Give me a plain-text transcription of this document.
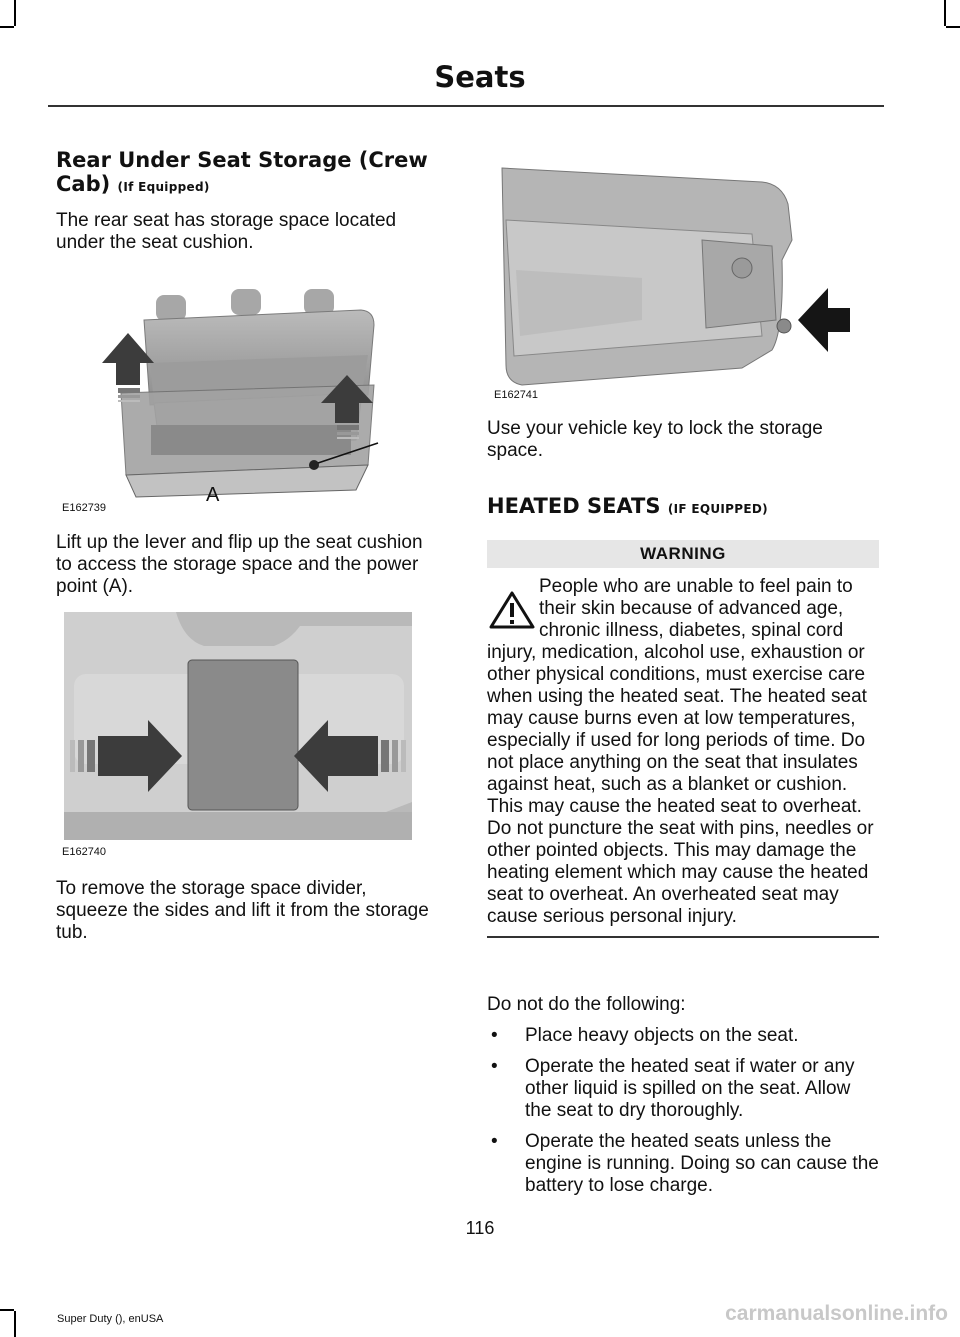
Seats
Rear Under Seat Storage (Crew Cab) (If Equipped)

The rear seat has storage space located under the seat cushion.

E162739
A

Lift up the lever and flip up the seat cushion to access the storage space and the power point (A).

E162740

To remove the storage space divider, squeeze the sides and lift it from the storage tub.

E162741

Use your vehicle key to lock the storage space.

HEATED SEATS (IF EQUIPPED)
WARNING
People who are unable to feel pain to their skin because of advanced age, chronic illness, diabetes, spinal cord injury, medication, alcohol use, exhaustion or other physical conditions, must exercise care when using the heated seat. The heated seat may cause burns even at low temperatures, especially if used for long periods of time. Do not place anything on the seat that insulates against heat, such as a blanket or cushion. This may cause the heated seat to overheat. Do not puncture the seat with pins, needles or other pointed objects. This may damage the heating element which may cause the heated seat to overheat. An overheated seat may cause serious personal injury.

Do not do the following:

•	Place heavy objects on the seat.
•	Operate the heated seat if water or any other liquid is spilled on the seat. Allow the seat to dry thoroughly.
•	Operate the heated seats unless the engine is running. Doing so can cause the battery to lose charge.
116
Super Duty (), enUSA	carmanualsonline.info
